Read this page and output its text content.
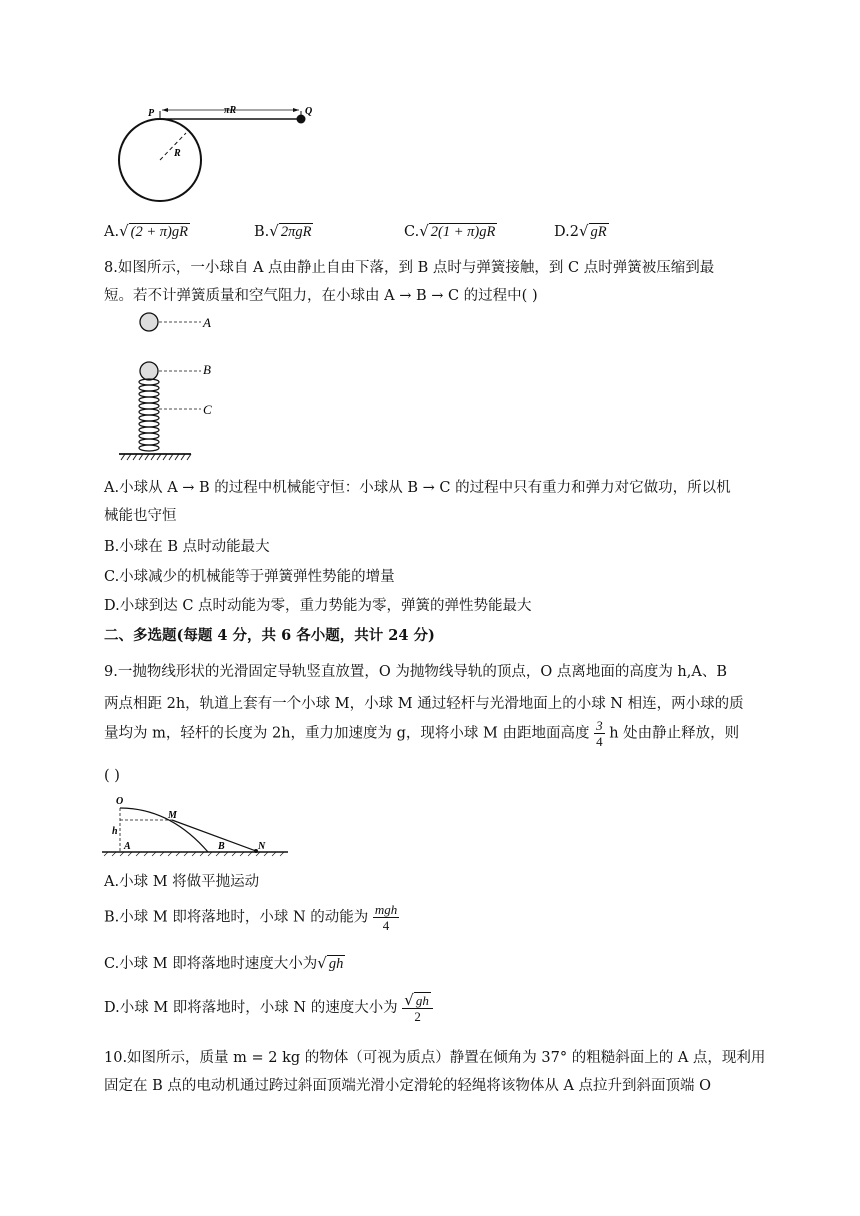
P	Q
πR
R
A.√ (2 + π)gR	B.√ 2πgR	C.√ 2(1 + π)gR	D.2√ gR
8.如图所示，一小球自 A 点由静止自由下落，到 B 点时与弹簧接触，到 C 点时弹簧被压缩到最
短。若不计弹簧质量和空气阻力，在小球由 A → B → C 的过程中( )
A
B
C
A.小球从 A → B 的过程中机械能守恒：小球从 B → C 的过程中只有重力和弹力对它做功，所以机
械能也守恒
B.小球在 B 点时动能最大
C.小球减少的机械能等于弹簧弹性势能的增量
D.小球到达 C 点时动能为零，重力势能为零，弹簧的弹性势能最大
二、多选题(每题 4 分，共 6 各小题，共计 24 分)
9.一抛物线形状的光滑固定导轨竖直放置，O 为抛物线导轨的顶点，O 点离地面的高度为 h,A、B
两点相距 2h，轨道上套有一个小球 M，小球 M 通过轻杆与光滑地面上的小球 N 相连，两小球的质
量均为 m，轻杆的长度为 2h，重力加速度为 g，现将小球 M 由距地面高度 $\frac{3}{4}$ h 处由静止释放，则
( )
O
M
h
A	B	N
A.小球 M 将做平抛运动
B.小球 M 即将落地时，小球 N 的动能为 $\frac{\text{mgh}}{4}$
C.小球 M 即将落地时速度大小为√ gh
D.小球 M 即将落地时，小球 N 的速度大小为 $\frac{√ gh}{2}$
10.如图所示，质量 m = 2 kg 的物体（可视为质点）静置在倾角为 37° 的粗糙斜面上的 A 点，现利用
固定在 B 点的电动机通过跨过斜面顶端光滑小定滑轮的轻绳将该物体从 A 点拉升到斜面顶端 O
